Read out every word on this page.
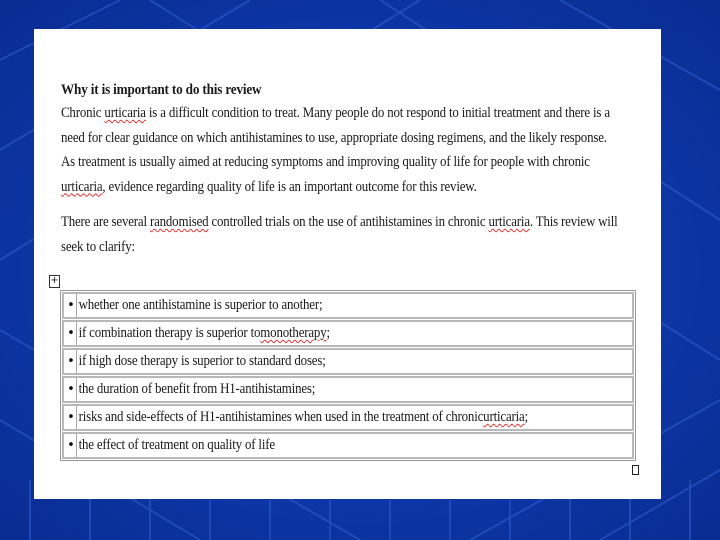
Why it is important to do this review
Chronic urticaria is a difficult condition to treat. Many people do not respond to initial treatment and there is a
need for clear guidance on which antihistamines to use, appropriate dosing regimens, and the likely response.
As treatment is usually aimed at reducing symptoms and improving quality of life for people with chronic
urticaria, evidence regarding quality of life is an important outcome for this review.
There are several randomised controlled trials on the use of antihistamines in chronic urticaria. This review will
seek to clarify:
+
• whether one antihistamine is superior to another;
• if combination therapy is superior to monotherapy ;
• if high dose therapy is superior to standard doses;
• the duration of benefit from H1-antihistamines;
• risks and side-effects of H1-antihistamines when used in the treatment of chronic urticaria ;
• the effect of treatment on quality of life
